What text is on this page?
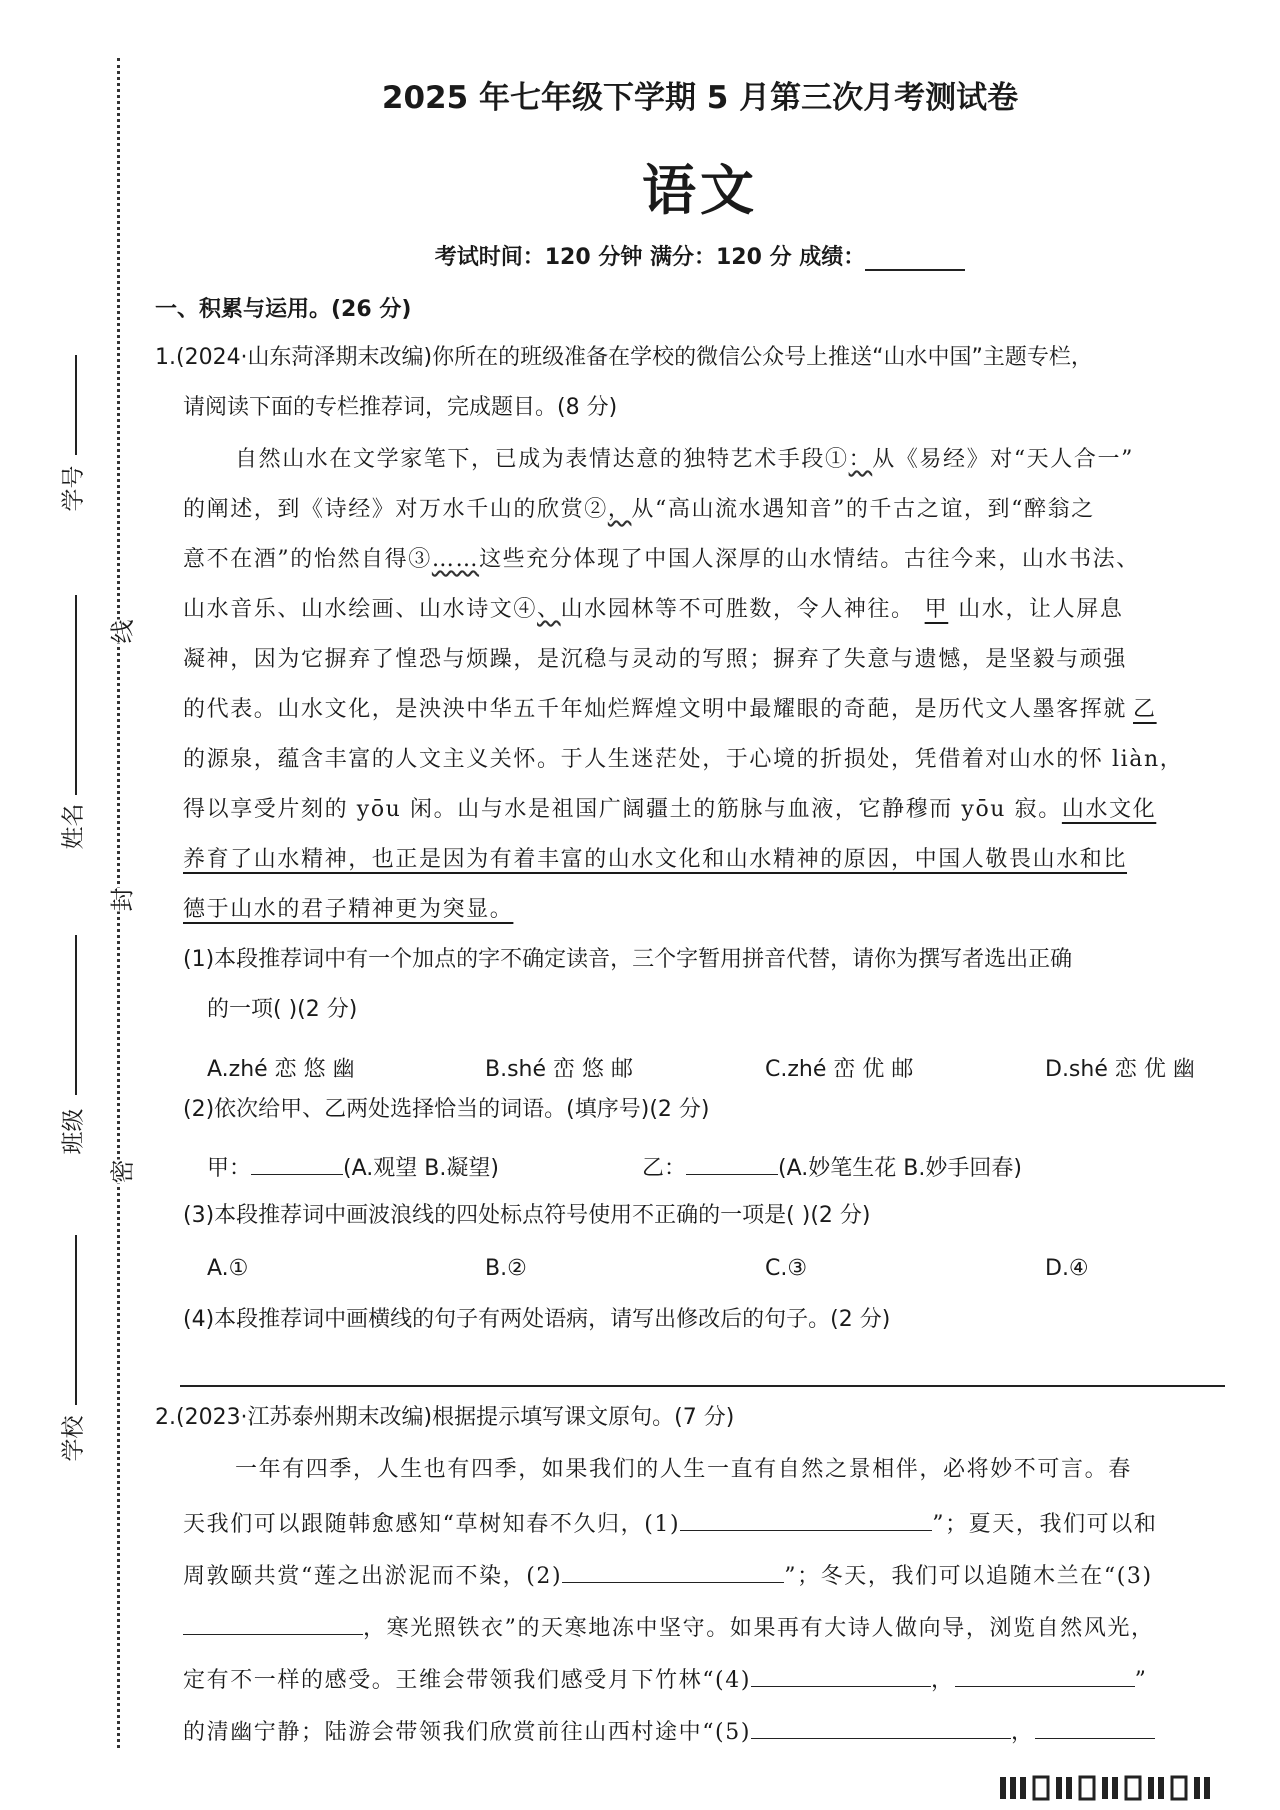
学号
姓名
班级
学校
线
封
密
2025 年七年级下学期 5 月第三次月考测试卷
语文
考试时间：120 分钟 满分：120 分 成绩：
一、积累与运用。(26 分)
1.(2024·山东菏泽期末改编)你所在的班级准备在学校的微信公众号上推送“山水中国”主题专栏，
请阅读下面的专栏推荐词，完成题目。(8 分)
自然山水在文学家笔下，已成为表情达意的独特艺术手段①：从《易经》对“天人合一”
的阐述，到《诗经》对万水千山的欣赏②，从“高山流水遇知音”的千古之谊，到“醉翁之
意不在酒”的怡然自得③……这些充分体现了中国人深厚的山水情结。古往今来，山水书法、
山水音乐、山水绘画、山水诗文④、山水园林等不可胜数，令人神往。 甲 山水，让人屏息
凝神，因为它摒弃了惶恐与烦躁，是沉稳与灵动的写照；摒弃了失意与遗憾，是坚毅与顽强
的代表。山水文化，是泱泱中华五千年灿烂辉煌文明中最耀眼的奇葩，是历代文人墨客挥就 乙
的源泉，蕴含丰富的人文主义关怀。于人生迷茫处，于心境的折损处，凭借着对山水的怀 liàn，
得以享受片刻的 yōu 闲。山与水是祖国广阔疆土的筋脉与血液，它静穆而 yōu 寂。山水文化
养育了山水精神，也正是因为有着丰富的山水文化和山水精神的原因，中国人敬畏山水和比
德于山水的君子精神更为突显。
(1)本段推荐词中有一个加点的字不确定读音，三个字暂用拼音代替，请你为撰写者选出正确
的一项( )(2 分)
A.zhé 恋 悠 幽	B.shé 峦 悠 邮	C.zhé 峦 优 邮	D.shé 恋 优 幽
(2)依次给甲、乙两处选择恰当的词语。(填序号)(2 分)
甲：	(A.观望 B.凝望)	乙：	(A.妙笔生花 B.妙手回春)
(3)本段推荐词中画波浪线的四处标点符号使用不正确的一项是( )(2 分)
A.①	B.②	C.③	D.④
(4)本段推荐词中画横线的句子有两处语病，请写出修改后的句子。(2 分)
2.(2023·江苏泰州期末改编)根据提示填写课文原句。(7 分)
一年有四季，人生也有四季，如果我们的人生一直有自然之景相伴，必将妙不可言。春
天我们可以跟随韩愈感知“草树知春不久归，(1)	”；夏天，我们可以和
周敦颐共赏“莲之出淤泥而不染，(2)	”；冬天，我们可以追随木兰在“(3)
，寒光照铁衣”的天寒地冻中坚守。如果再有大诗人做向导，浏览自然风光，
定有不一样的感受。王维会带领我们感受月下竹林“(4)	，	”
的清幽宁静；陆游会带领我们欣赏前往山西村途中“(5)	，
